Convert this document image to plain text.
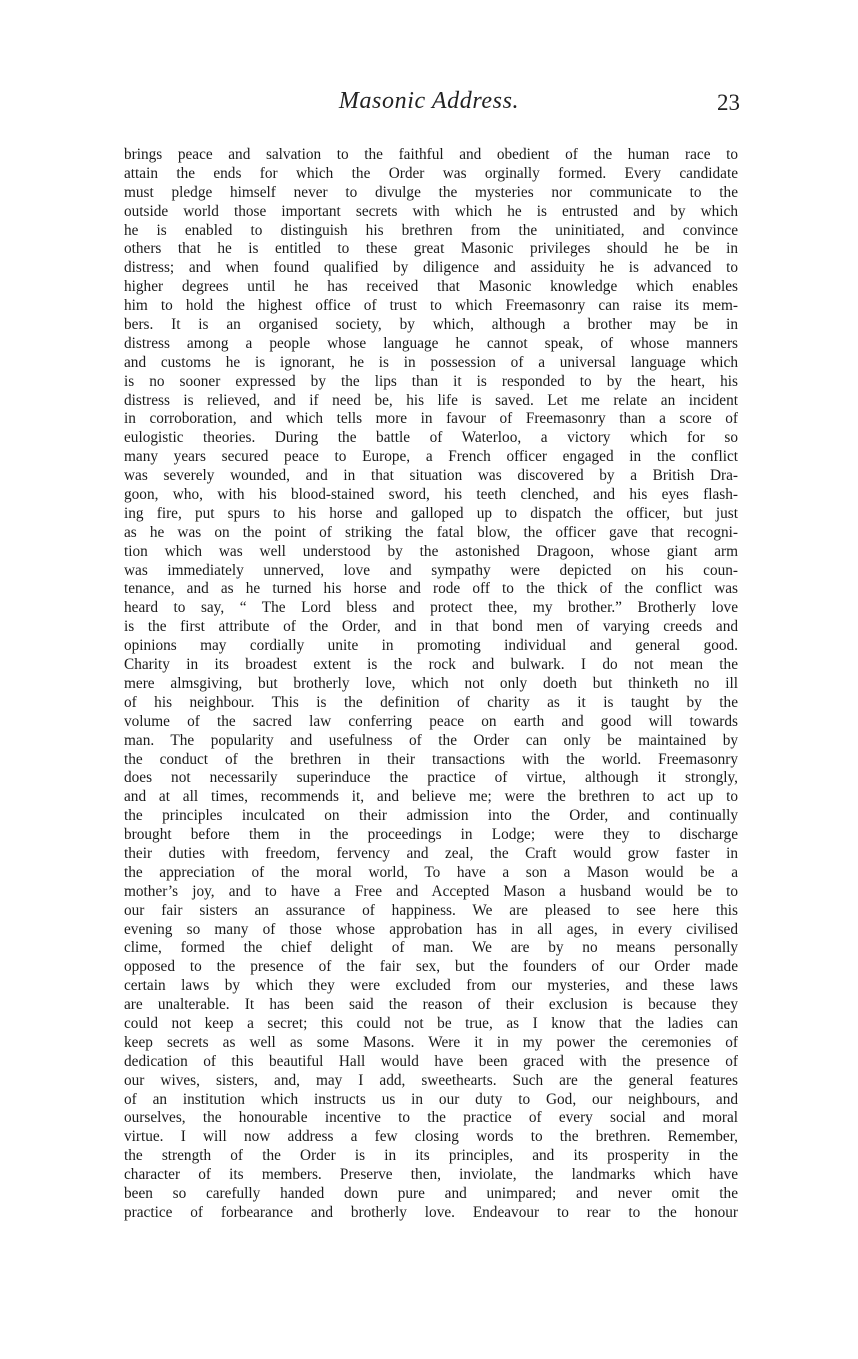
Masonic Address.	23
brings peace and salvation to the faithful and obedient of the human race to
attain the ends for which the Order was orginally formed. Every candidate
must pledge himself never to divulge the mysteries nor communicate to the
outside world those important secrets with which he is entrusted and by which
he is enabled to distinguish his brethren from the uninitiated, and convince
others that he is entitled to these great Masonic privileges should he be in
distress; and when found qualified by diligence and assiduity he is advanced to
higher degrees until he has received that Masonic knowledge which enables
him to hold the highest office of trust to which Freemasonry can raise its mem-
bers. It is an organised society, by which, although a brother may be in
distress among a people whose language he cannot speak, of whose manners
and customs he is ignorant, he is in possession of a universal language which
is no sooner expressed by the lips than it is responded to by the heart, his
distress is relieved, and if need be, his life is saved. Let me relate an incident
in corroboration, and which tells more in favour of Freemasonry than a score of
eulogistic theories. During the battle of Waterloo, a victory which for so
many years secured peace to Europe, a French officer engaged in the conflict
was severely wounded, and in that situation was discovered by a British Dra-
goon, who, with his blood-stained sword, his teeth clenched, and his eyes flash-
ing fire, put spurs to his horse and galloped up to dispatch the officer, but just
as he was on the point of striking the fatal blow, the officer gave that recogni-
tion which was well understood by the astonished Dragoon, whose giant arm
was immediately unnerved, love and sympathy were depicted on his coun-
tenance, and as he turned his horse and rode off to the thick of the conflict was
heard to say, “ The Lord bless and protect thee, my brother.” Brotherly love
is the first attribute of the Order, and in that bond men of varying creeds and
opinions may cordially unite in promoting individual and general good.
Charity in its broadest extent is the rock and bulwark. I do not mean the
mere almsgiving, but brotherly love, which not only doeth but thinketh no ill
of his neighbour. This is the definition of charity as it is taught by the
volume of the sacred law conferring peace on earth and good will towards
man. The popularity and usefulness of the Order can only be maintained by
the conduct of the brethren in their transactions with the world. Freemasonry
does not necessarily superinduce the practice of virtue, although it strongly,
and at all times, recommends it, and believe me; were the brethren to act up to
the principles inculcated on their admission into the Order, and continually
brought before them in the proceedings in Lodge; were they to discharge
their duties with freedom, fervency and zeal, the Craft would grow faster in
the appreciation of the moral world, To have a son a Mason would be a
mother’s joy, and to have a Free and Accepted Mason a husband would be to
our fair sisters an assurance of happiness. We are pleased to see here this
evening so many of those whose approbation has in all ages, in every civilised
clime, formed the chief delight of man. We are by no means personally
opposed to the presence of the fair sex, but the founders of our Order made
certain laws by which they were excluded from our mysteries, and these laws
are unalterable. It has been said the reason of their exclusion is because they
could not keep a secret; this could not be true, as I know that the ladies can
keep secrets as well as some Masons. Were it in my power the ceremonies of
dedication of this beautiful Hall would have been graced with the presence of
our wives, sisters, and, may I add, sweethearts. Such are the general features
of an institution which instructs us in our duty to God, our neighbours, and
ourselves, the honourable incentive to the practice of every social and moral
virtue. I will now address a few closing words to the brethren. Remember,
the strength of the Order is in its principles, and its prosperity in the
character of its members. Preserve then, inviolate, the landmarks which have
been so carefully handed down pure and unimpared; and never omit the
practice of forbearance and brotherly love. Endeavour to rear to the honour
